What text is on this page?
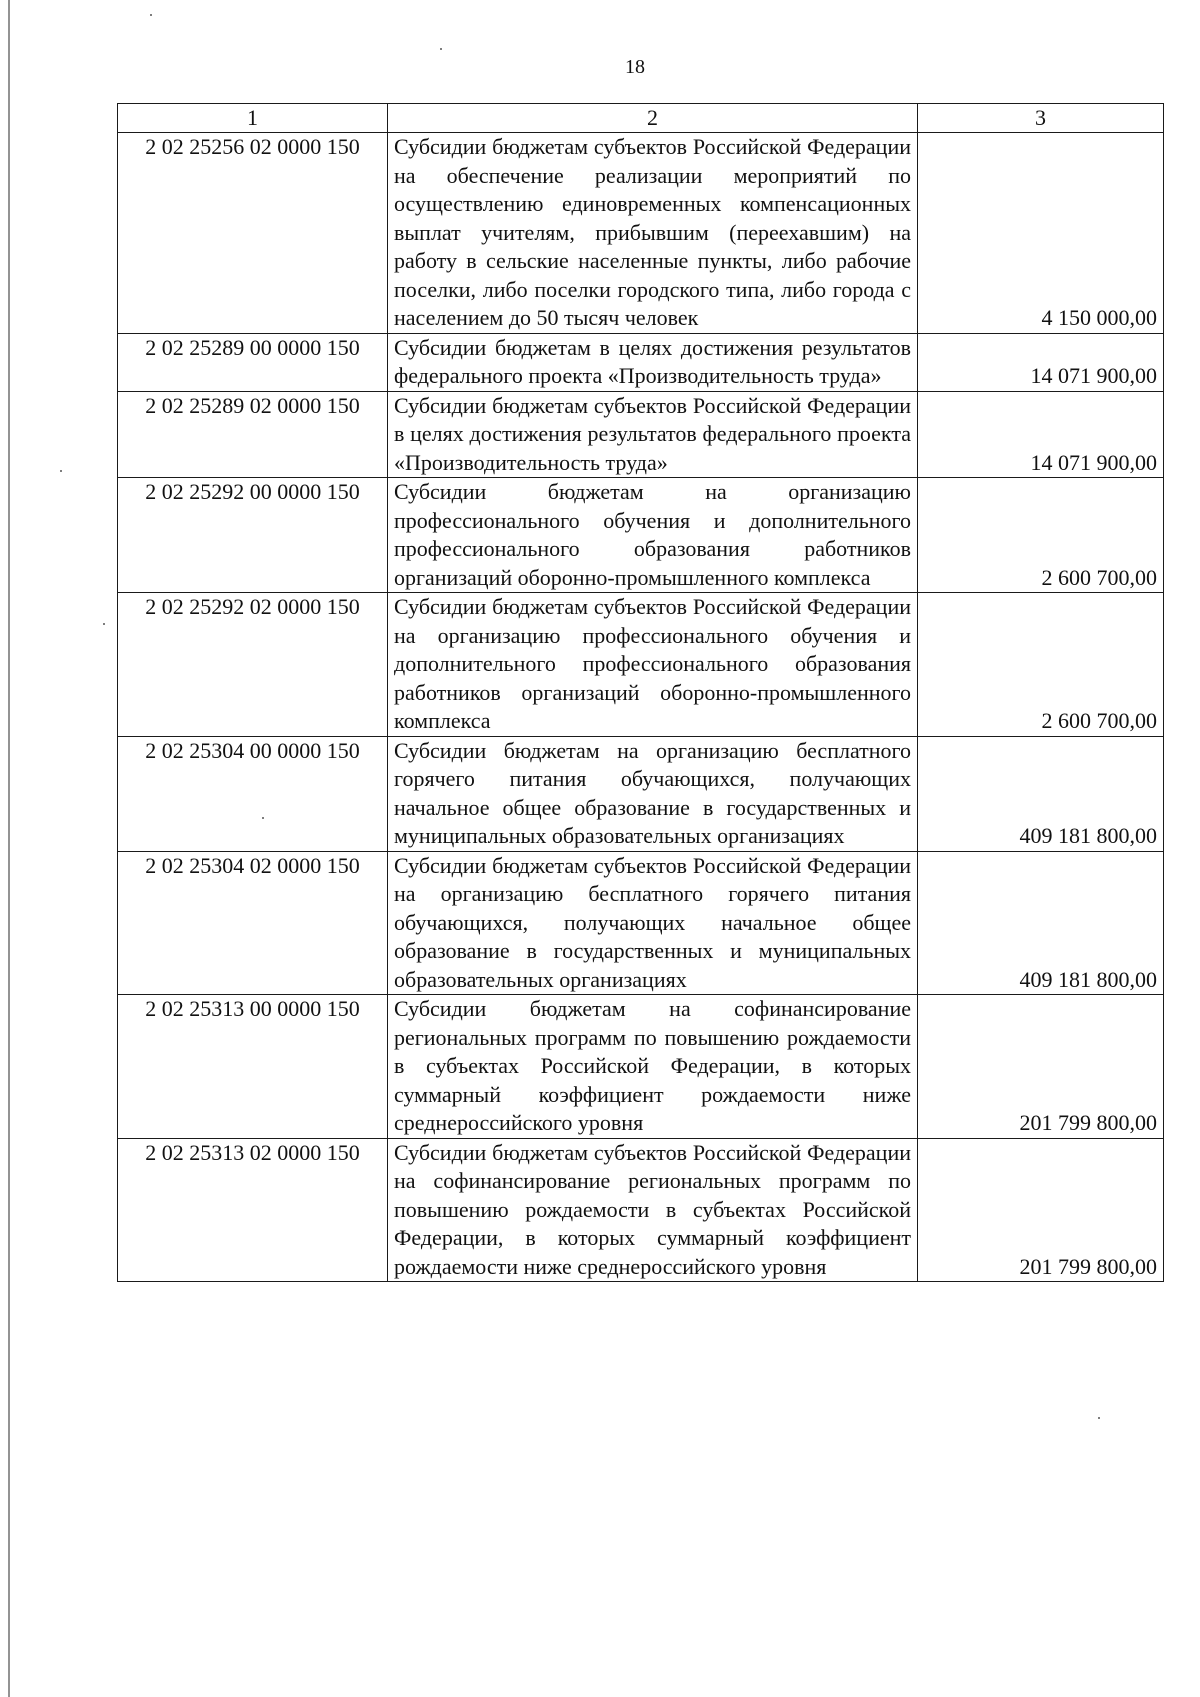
18
1	2	3
2 02 25256 02 0000 150	Субсидии бюджетам субъектов Российской Федерации на обеспечение реализации мероприятий по осуществлению единовременных компенсационных выплат учителям, прибывшим (переехавшим) на работу в сельские населенные пункты, либо рабочие поселки, либо поселки городского типа, либо города с населением до 50 тысяч человек	4 150 000,00
2 02 25289 00 0000 150	Субсидии бюджетам в целях достижения результатов федерального проекта «Производительность труда»	14 071 900,00
2 02 25289 02 0000 150	Субсидии бюджетам субъектов Российской Федерации в целях достижения результатов федерального проекта «Производительность труда»	14 071 900,00
2 02 25292 00 0000 150	Субсидии бюджетам на организацию профессионального обучения и дополнительного профессионального образования работников организаций оборонно-промышленного комплекса	2 600 700,00
2 02 25292 02 0000 150	Субсидии бюджетам субъектов Российской Федерации на организацию профессионального обучения и дополнительного профессионального образования работников организаций оборонно-промышленного комплекса	2 600 700,00
2 02 25304 00 0000 150	Субсидии бюджетам на организацию бесплатного горячего питания обучающихся, получающих начальное общее образование в государственных и муниципальных образовательных организациях	409 181 800,00
2 02 25304 02 0000 150	Субсидии бюджетам субъектов Российской Федерации на организацию бесплатного горячего питания обучающихся, получающих начальное общее образование в государственных и муниципальных образовательных организациях	409 181 800,00
2 02 25313 00 0000 150	Субсидии бюджетам на софинансирование региональных программ по повышению рождаемости в субъектах Российской Федерации, в которых суммарный коэффициент рождаемости ниже среднероссийского уровня	201 799 800,00
2 02 25313 02 0000 150	Субсидии бюджетам субъектов Российской Федерации на софинансирование региональных программ по повышению рождаемости в субъектах Российской Федерации, в которых суммарный коэффициент рождаемости ниже среднероссийского уровня	201 799 800,00
